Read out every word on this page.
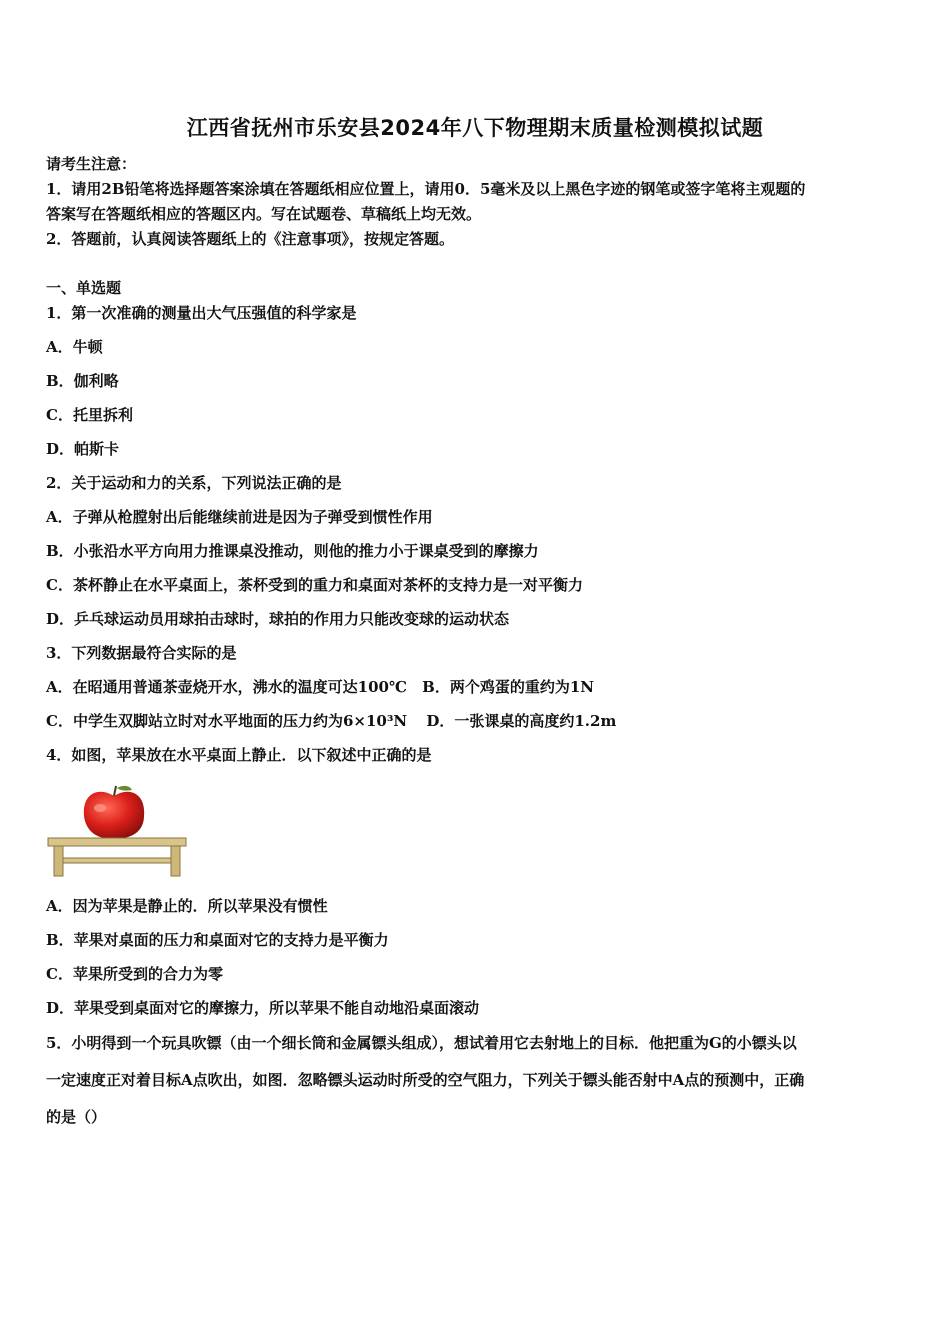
江西省抚州市乐安县2024年八下物理期末质量检测模拟试题
请考生注意：
1．请用2B铅笔将选择题答案涂填在答题纸相应位置上，请用0．5毫米及以上黑色字迹的钢笔或签字笔将主观题的
答案写在答题纸相应的答题区内。写在试题卷、草稿纸上均无效。
2．答题前，认真阅读答题纸上的《注意事项》，按规定答题。
一、单选题
1．第一次准确的测量出大气压强值的科学家是
A．牛顿
B．伽利略
C．托里拆利
D．帕斯卡
2．关于运动和力的关系，下列说法正确的是
A．子弹从枪膛射出后能继续前进是因为子弹受到惯性作用
B．小张沿水平方向用力推课桌没推动，则他的推力小于课桌受到的摩擦力
C．茶杯静止在水平桌面上，茶杯受到的重力和桌面对茶杯的支持力是一对平衡力
D．乒乓球运动员用球拍击球时，球拍的作用力只能改变球的运动状态
3．下列数据最符合实际的是
A．在昭通用普通茶壶烧开水，沸水的温度可达100℃ B．两个鸡蛋的重约为1N
C．中学生双脚站立时对水平地面的压力约为6×10³N D．一张课桌的高度约1.2m
4．如图，苹果放在水平桌面上静止．以下叙述中正确的是
A．因为苹果是静止的．所以苹果没有惯性
B．苹果对桌面的压力和桌面对它的支持力是平衡力
C．苹果所受到的合力为零
D．苹果受到桌面对它的摩擦力，所以苹果不能自动地沿桌面滚动
5．小明得到一个玩具吹镖（由一个细长筒和金属镖头组成），想试着用它去射地上的目标．他把重为G的小镖头以
一定速度正对着目标A点吹出，如图．忽略镖头运动时所受的空气阻力，下列关于镖头能否射中A点的预测中，正确
的是（）
